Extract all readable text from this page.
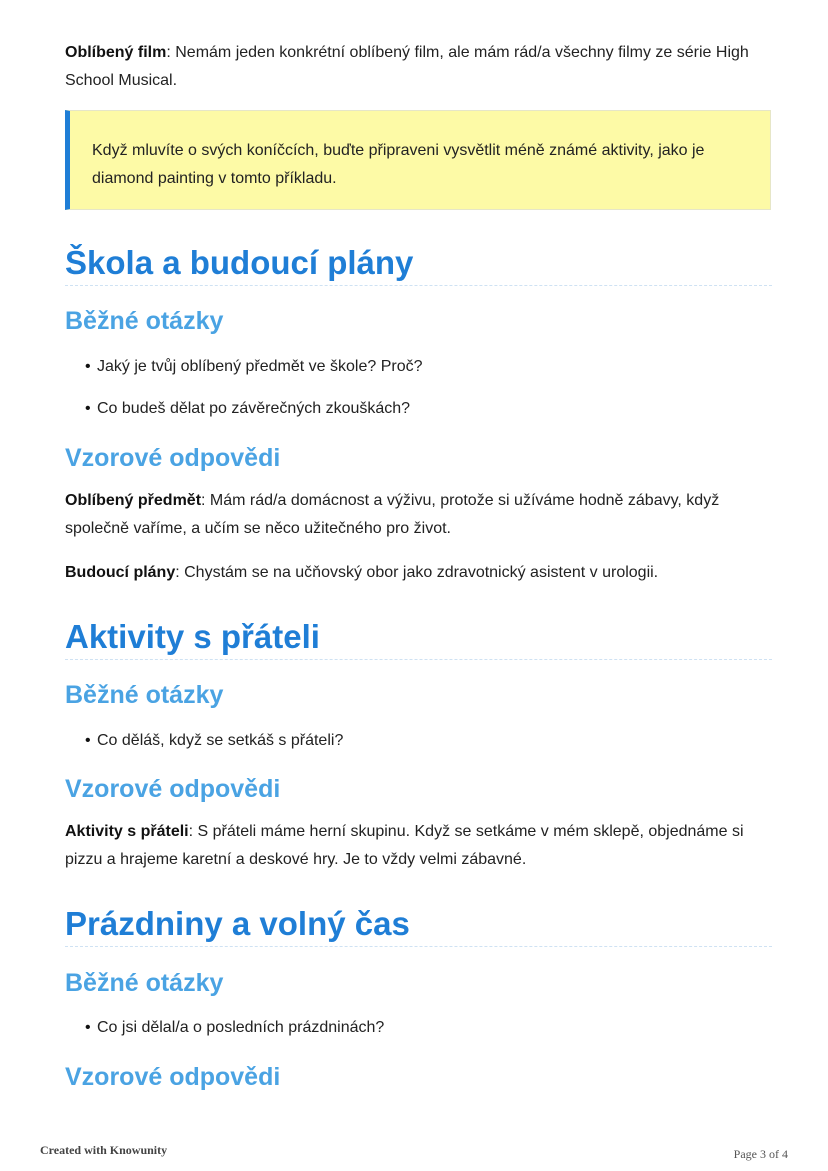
Oblíbený film: Nemám jeden konkrétní oblíbený film, ale mám rád/a všechny filmy ze série High School Musical.

Když mluvíte o svých koníčcích, buďte připraveni vysvětlit méně známé aktivity, jako je diamond painting v tomto příkladu.

Škola a budoucí plány
Běžné otázky
• Jaký je tvůj oblíbený předmět ve škole? Proč?
• Co budeš dělat po závěrečných zkouškách?
Vzorové odpovědi

Oblíbený předmět: Mám rád/a domácnost a výživu, protože si užíváme hodně zábavy, když společně vaříme, a učím se něco užitečného pro život.

Budoucí plány: Chystám se na učňovský obor jako zdravotnický asistent v urologii.

Aktivity s přáteli
Běžné otázky
• Co děláš, když se setkáš s přáteli?
Vzorové odpovědi

Aktivity s přáteli: S přáteli máme herní skupinu. Když se setkáme v mém sklepě, objednáme si pizzu a hrajeme karetní a deskové hry. Je to vždy velmi zábavné.

Prázdniny a volný čas
Běžné otázky
• Co jsi dělal/a o posledních prázdninách?
Vzorové odpovědi
Created with Knowunity	Page 3 of 4
